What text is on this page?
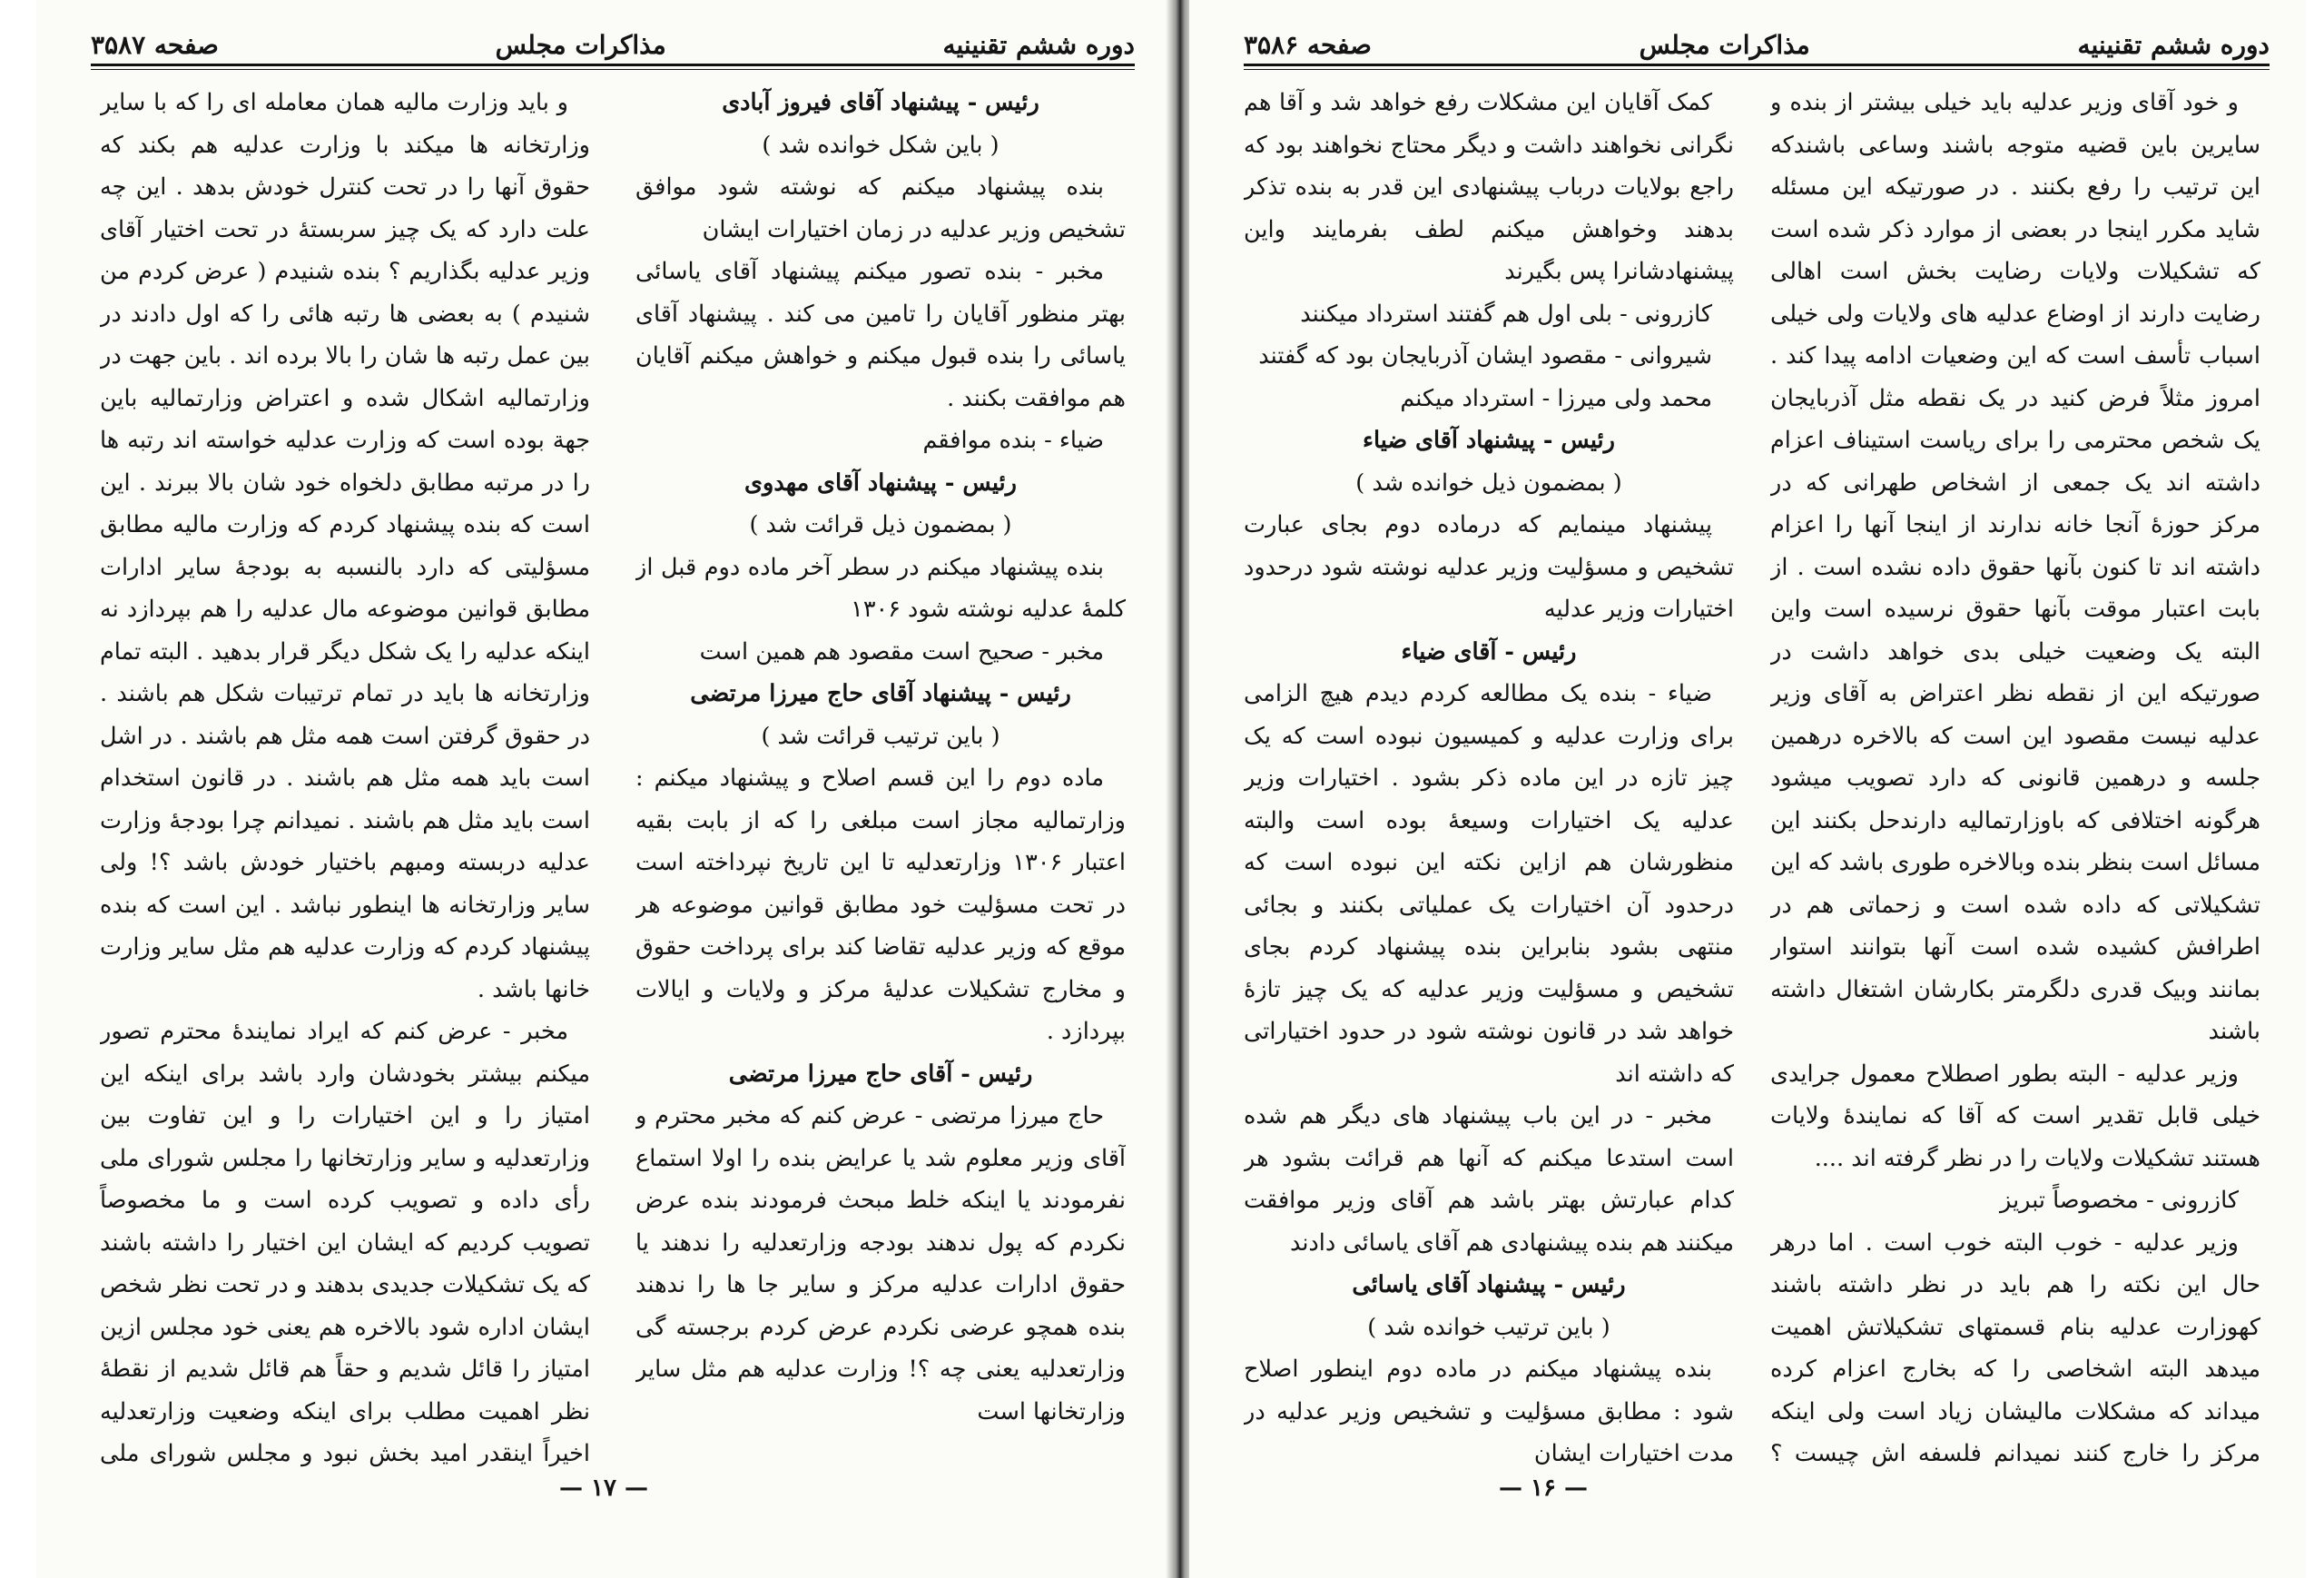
دوره ششم تقنینیه
مذاکرات مجلس
صفحه ۳۵۸۷

رئیس - پیشنهاد آقای فیروز آبادی

( باین شکل خوانده شد )

بنده پیشنهاد میکنم که نوشته شود موافق تشخیص وزیر عدلیه در زمان اختیارات ایشان

مخبر - بنده تصور میکنم پیشنهاد آقای یاسائی بهتر منظور آقایان را تامین می کند . پیشنهاد آقای یاسائی را بنده قبول میکنم و خواهش میکنم آقایان هم موافقت بکنند .

ضیاء - بنده موافقم

رئیس - پیشنهاد آقای مهدوی

( بمضمون ذیل قرائت شد )

بنده پیشنهاد میکنم در سطر آخر ماده دوم قبل از کلمهٔ عدلیه نوشته شود ۱۳۰۶

مخبر - صحیح است مقصود هم همین است

رئیس - پیشنهاد آقای حاج میرزا مرتضی

( باین ترتیب قرائت شد )

ماده دوم را این قسم اصلاح و پیشنهاد میکنم : وزارتمالیه مجاز است مبلغی را که از بابت بقیه اعتبار ۱۳۰۶ وزارتعدلیه تا این تاریخ نپرداخته است در تحت مسؤلیت خود مطابق قوانین موضوعه هر موقع که وزیر عدلیه تقاضا کند برای پرداخت حقوق و مخارج تشکیلات عدلیهٔ مرکز و ولایات و ایالات بپردازد .

رئیس - آقای حاج میرزا مرتضی

حاج میرزا مرتضی - عرض کنم که مخبر محترم و آقای وزیر معلوم شد یا عرایض بنده را اولا استماع نفرمودند یا اینکه خلط مبحث فرمودند بنده عرض نکردم که پول ندهند بودجه وزارتعدلیه را ندهند یا حقوق ادارات عدلیه مرکز و سایر جا ها را ندهند بنده همچو عرضی نکردم عرض کردم برجسته گی وزارتعدلیه یعنی چه ؟! وزارت عدلیه هم مثل سایر وزارتخانها است

و باید وزارت مالیه همان معامله ای را که با سایر وزارتخانه ها میکند با وزارت عدلیه هم بکند که حقوق آنها را در تحت کنترل خودش بدهد . این چه علت دارد که یک چیز سربستهٔ در تحت اختیار آقای وزیر عدلیه بگذاریم ؟ بنده شنیدم ( عرض کردم من شنیدم ) به بعضی ها رتبه هائی را که اول دادند در بین عمل رتبه ها شان را بالا برده اند . باین جهت در وزارتمالیه اشکال شده و اعتراض وزارتمالیه باین جهة بوده است که وزارت عدلیه خواسته اند رتبه ها را در مرتبه مطابق دلخواه خود شان بالا ببرند . این است که بنده پیشنهاد کردم که وزارت مالیه مطابق مسؤلیتی که دارد بالنسبه به بودجهٔ سایر ادارات مطابق قوانین موضوعه مال عدلیه را هم بپردازد نه اینکه عدلیه را یک شکل دیگر قرار بدهید . البته تمام وزارتخانه ها باید در تمام ترتیبات شکل هم باشند . در حقوق گرفتن است همه مثل هم باشند . در اشل است باید همه مثل هم باشند . در قانون استخدام است باید مثل هم باشند . نمیدانم چرا بودجهٔ وزارت عدلیه دربسته ومبهم باختیار خودش باشد ؟! ولی سایر وزارتخانه ها اینطور نباشد . این است که بنده پیشنهاد کردم که وزارت عدلیه هم مثل سایر وزارت خانها باشد .

مخبر - عرض کنم که ایراد نمایندهٔ محترم تصور میکنم بیشتر بخودشان وارد باشد برای اینکه این امتیاز را و این اختیارات را و این تفاوت بین وزارتعدلیه و سایر وزارتخانها را مجلس شورای ملی رأی داده و تصویب کرده است و ما مخصوصاً تصویب کردیم که ایشان این اختیار را داشته باشند که یک تشکیلات جدیدی بدهند و در تحت نظر شخص ایشان اداره شود بالاخره هم یعنی خود مجلس ازین امتیاز را قائل شدیم و حقاً هم قائل شدیم از نقطهٔ نظر اهمیت مطلب برای اینکه وضعیت وزارتعدلیه اخیراً اینقدر امید بخش نبود و مجلس شورای ملی

— ۱۷ —
دوره ششم تقنینیه
مذاکرات مجلس
صفحه ۳۵۸۶

و خود آقای وزیر عدلیه باید خیلی بیشتر از بنده و سایرین باین قضیه متوجه باشند وساعی باشندکه این ترتیب را رفع بکنند . در صورتیکه این مسئله شاید مکرر اینجا در بعضی از موارد ذکر شده است که تشکیلات ولایات رضایت بخش است اهالی رضایت دارند از اوضاع عدلیه های ولایات ولی خیلی اسباب تأسف است که این وضعیات ادامه پیدا کند . امروز مثلاً فرض کنید در یک نقطه مثل آذربایجان یک شخص محترمی را برای ریاست استیناف اعزام داشته اند یک جمعی از اشخاص طهرانی که در مرکز حوزهٔ آنجا خانه ندارند از اینجا آنها را اعزام داشته اند تا کنون بآنها حقوق داده نشده است . از بابت اعتبار موقت بآنها حقوق نرسیده است واین البته یک وضعیت خیلی بدی خواهد داشت در صورتیکه این از نقطه نظر اعتراض به آقای وزیر عدلیه نیست مقصود این است که بالاخره درهمین جلسه و درهمین قانونی که دارد تصویب میشود هرگونه اختلافی که باوزارتمالیه دارندحل بکنند این مسائل است بنظر بنده وبالاخره طوری باشد که این تشکیلاتی که داده شده است و زحماتی هم در اطرافش کشیده شده است آنها بتوانند استوار بمانند وبیک قدری دلگرمتر بکارشان اشتغال داشته باشند

وزیر عدلیه - البته بطور اصطلاح معمول جرایدی خیلی قابل تقدیر است که آقا که نمایندهٔ ولایات هستند تشکیلات ولایات را در نظر گرفته اند ....

کازرونی - مخصوصاً تبریز

وزیر عدلیه - خوب البته خوب است . اما درهر حال این نکته را هم باید در نظر داشته باشند کهوزارت عدلیه بنام قسمتهای تشکیلاتش اهمیت میدهد البته اشخاصی را که بخارج اعزام کرده میداند که مشکلات مالیشان زیاد است ولی اینکه مرکز را خارج کنند نمیدانم فلسفه اش چیست ؟

کمک آقایان این مشکلات رفع خواهد شد و آقا هم نگرانی نخواهند داشت و دیگر محتاج نخواهند بود که راجع بولایات درباب پیشنهادی این قدر به بنده تذکر بدهند وخواهش میکنم لطف بفرمایند واین پیشنهادشانرا پس بگیرند

کازرونی - بلی اول هم گفتند استرداد میکنند

شیروانی - مقصود ایشان آذربایجان بود که گفتند

محمد ولی میرزا - استرداد میکنم

رئیس - پیشنهاد آقای ضیاء

( بمضمون ذیل خوانده شد )

پیشنهاد مینمایم که درماده دوم بجای عبارت تشخیص و مسؤلیت وزیر عدلیه نوشته شود درحدود اختیارات وزیر عدلیه

رئیس - آقای ضیاء

ضیاء - بنده یک مطالعه کردم دیدم هیچ الزامی برای وزارت عدلیه و کمیسیون نبوده است که یک چیز تازه در این ماده ذکر بشود . اختیارات وزیر عدلیه یک اختیارات وسیعهٔ بوده است والبته منظورشان هم ازاین نکته این نبوده است که درحدود آن اختیارات یک عملیاتی بکنند و بجائی منتهی بشود بنابراین بنده پیشنهاد کردم بجای تشخیص و مسؤلیت وزیر عدلیه که یک چیز تازهٔ خواهد شد در قانون نوشته شود در حدود اختیاراتی که داشته اند

مخبر - در این باب پیشنهاد های دیگر هم شده است استدعا میکنم که آنها هم قرائت بشود هر کدام عبارتش بهتر باشد هم آقای وزیر موافقت میکنند هم بنده پیشنهادی هم آقای یاسائی دادند

رئیس - پیشنهاد آقای یاسائی

( باین ترتیب خوانده شد )

بنده پیشنهاد میکنم در ماده دوم اینطور اصلاح شود : مطابق مسؤلیت و تشخیص وزیر عدلیه در مدت اختیارات ایشان

— ۱۶ —
